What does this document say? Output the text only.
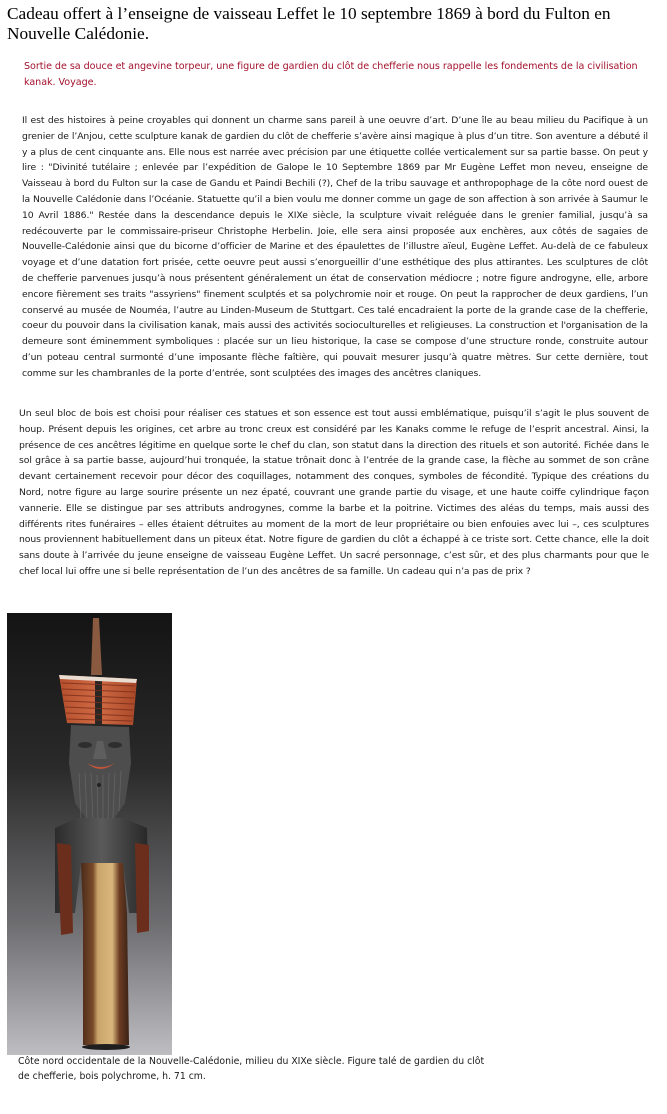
Cadeau offert à l’enseigne de vaisseau Leffet le 10 septembre 1869 à bord du Fulton en Nouvelle Calédonie.

Sortie de sa douce et angevine torpeur, une figure de gardien du clôt de chefferie nous rappelle les fondements de la civilisation kanak. Voyage.

Il est des histoires à peine croyables qui donnent un charme sans pareil à une oeuvre d’art. D’une île au beau milieu du Pacifique à un grenier de l’Anjou, cette sculpture kanak de gardien du clôt de chefferie s’avère ainsi magique à plus d’un titre. Son aventure a débuté il y a plus de cent cinquante ans. Elle nous est narrée avec précision par une étiquette collée verticalement sur sa partie basse. On peut y lire : "Divinité tutélaire ; enlevée par l’expédition de Galope le 10 Septembre 1869 par Mr Eugène Leffet mon neveu, enseigne de Vaisseau à bord du Fulton sur la case de Gandu et Paindi Bechili (?), Chef de la tribu sauvage et anthropophage de la côte nord ouest de la Nouvelle Calédonie dans l’Océanie. Statuette qu’il a bien voulu me donner comme un gage de son affection à son arrivée à Saumur le 10 Avril 1886." Restée dans la descendance depuis le XIXe siècle, la sculpture vivait reléguée dans le grenier familial, jusqu’à sa redécouverte par le commissaire-priseur Christophe Herbelin. Joie, elle sera ainsi proposée aux enchères, aux côtés de sagaies de Nouvelle-Calédonie ainsi que du bicorne d’officier de Marine et des épaulettes de l’illustre aïeul, Eugène Leffet. Au-delà de ce fabuleux voyage et d’une datation fort prisée, cette oeuvre peut aussi s’enorgueillir d’une esthétique des plus attirantes. Les sculptures de clôt de chefferie parvenues jusqu’à nous présentent généralement un état de conservation médiocre ; notre figure androgyne, elle, arbore encore fièrement ses traits "assyriens" finement sculptés et sa polychromie noir et rouge. On peut la rapprocher de deux gardiens, l’un conservé au musée de Nouméa, l’autre au Linden-Museum de Stuttgart. Ces talé encadraient la porte de la grande case de la chefferie, coeur du pouvoir dans la civilisation kanak, mais aussi des activités socioculturelles et religieuses. La construction et l'organisation de la demeure sont éminemment symboliques : placée sur un lieu historique, la case se compose d’une structure ronde, construite autour d’un poteau central surmonté d’une imposante flèche faîtière, qui pouvait mesurer jusqu’à quatre mètres. Sur cette dernière, tout comme sur les chambranles de la porte d’entrée, sont sculptées des images des ancêtres claniques.

Un seul bloc de bois est choisi pour réaliser ces statues et son essence est tout aussi emblématique, puisqu’il s’agit le plus souvent de houp. Présent depuis les origines, cet arbre au tronc creux est considéré par les Kanaks comme le refuge de l’esprit ancestral. Ainsi, la présence de ces ancêtres légitime en quelque sorte le chef du clan, son statut dans la direction des rituels et son autorité. Fichée dans le sol grâce à sa partie basse, aujourd’hui tronquée, la statue trônait donc à l’entrée de la grande case, la flèche au sommet de son crâne devant certainement recevoir pour décor des coquillages, notamment des conques, symboles de fécondité. Typique des créations du Nord, notre figure au large sourire présente un nez épaté, couvrant une grande partie du visage, et une haute coiffe cylindrique façon vannerie. Elle se distingue par ses attributs androgynes, comme la barbe et la poitrine. Victimes des aléas du temps, mais aussi des différents rites funéraires – elles étaient détruites au moment de la mort de leur propriétaire ou bien enfouies avec lui –, ces sculptures nous proviennent habituellement dans un piteux état. Notre figure de gardien du clôt a échappé à ce triste sort. Cette chance, elle la doit sans doute à l’arrivée du jeune enseigne de vaisseau Eugène Leffet. Un sacré personnage, c’est sûr, et des plus charmants pour que le chef local lui offre une si belle représentation de l’un des ancêtres de sa famille. Un cadeau qui n’a pas de prix ?

Côte nord occidentale de la Nouvelle-Calédonie, milieu du XIXe siècle. Figure talé de gardien du clôt
de chefferie, bois polychrome, h. 71 cm.
